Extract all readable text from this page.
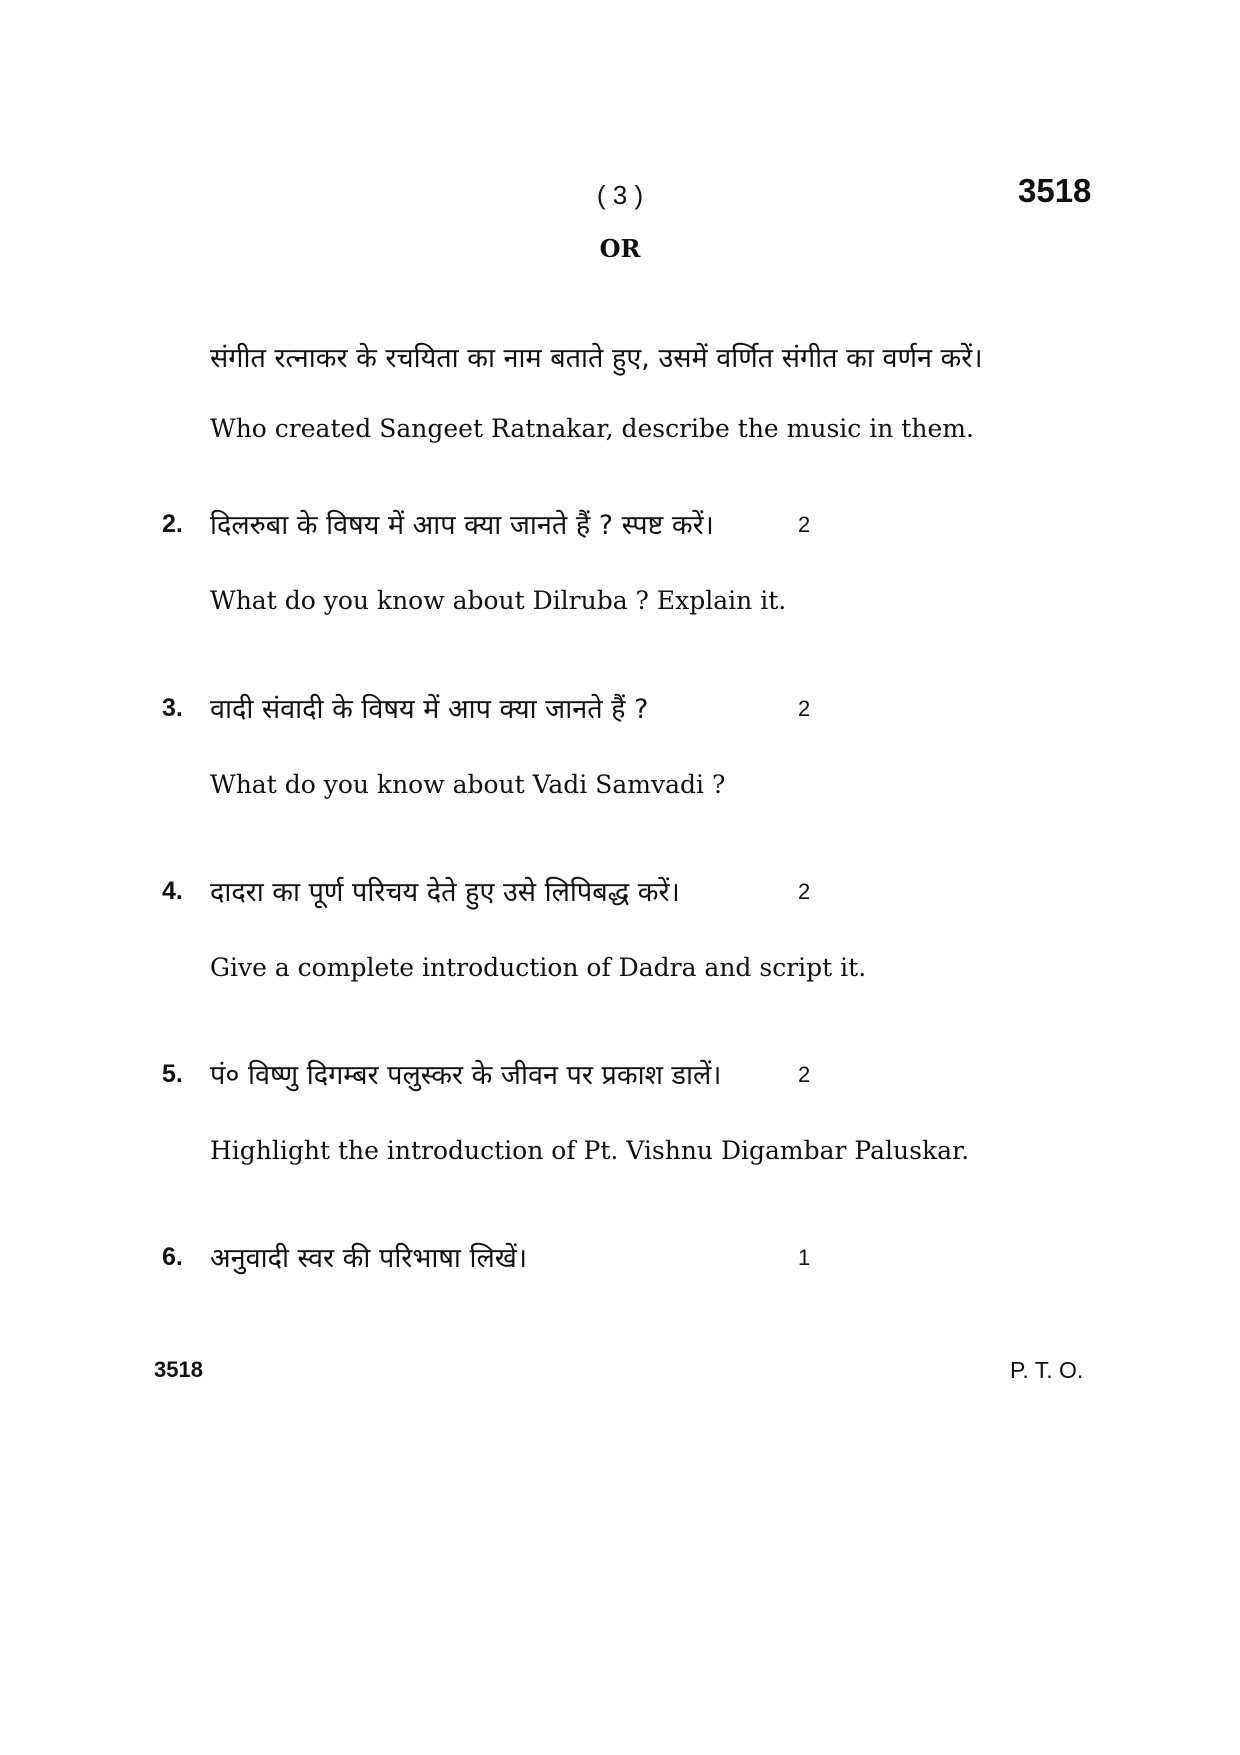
( 3 )	3518
OR
संगीत रत्नाकर के रचयिता का नाम बताते हुए, उसमें वर्णित संगीत का वर्णन करें।
Who created Sangeet Ratnakar, describe the music in them.
2. दिलरुबा के विषय में आप क्या जानते हैं ? स्पष्ट करें।	2
What do you know about Dilruba ? Explain it.
3. वादी संवादी के विषय में आप क्या जानते हैं ?	2
What do you know about Vadi Samvadi ?
4. दादरा का पूर्ण परिचय देते हुए उसे लिपिबद्ध करें।	2
Give a complete introduction of Dadra and script it.
5. पं० विष्णु दिगम्बर पलुस्कर के जीवन पर प्रकाश डालें।	2
Highlight the introduction of Pt. Vishnu Digambar Paluskar.
6. अनुवादी स्वर की परिभाषा लिखें।	1
3518	P. T. O.
